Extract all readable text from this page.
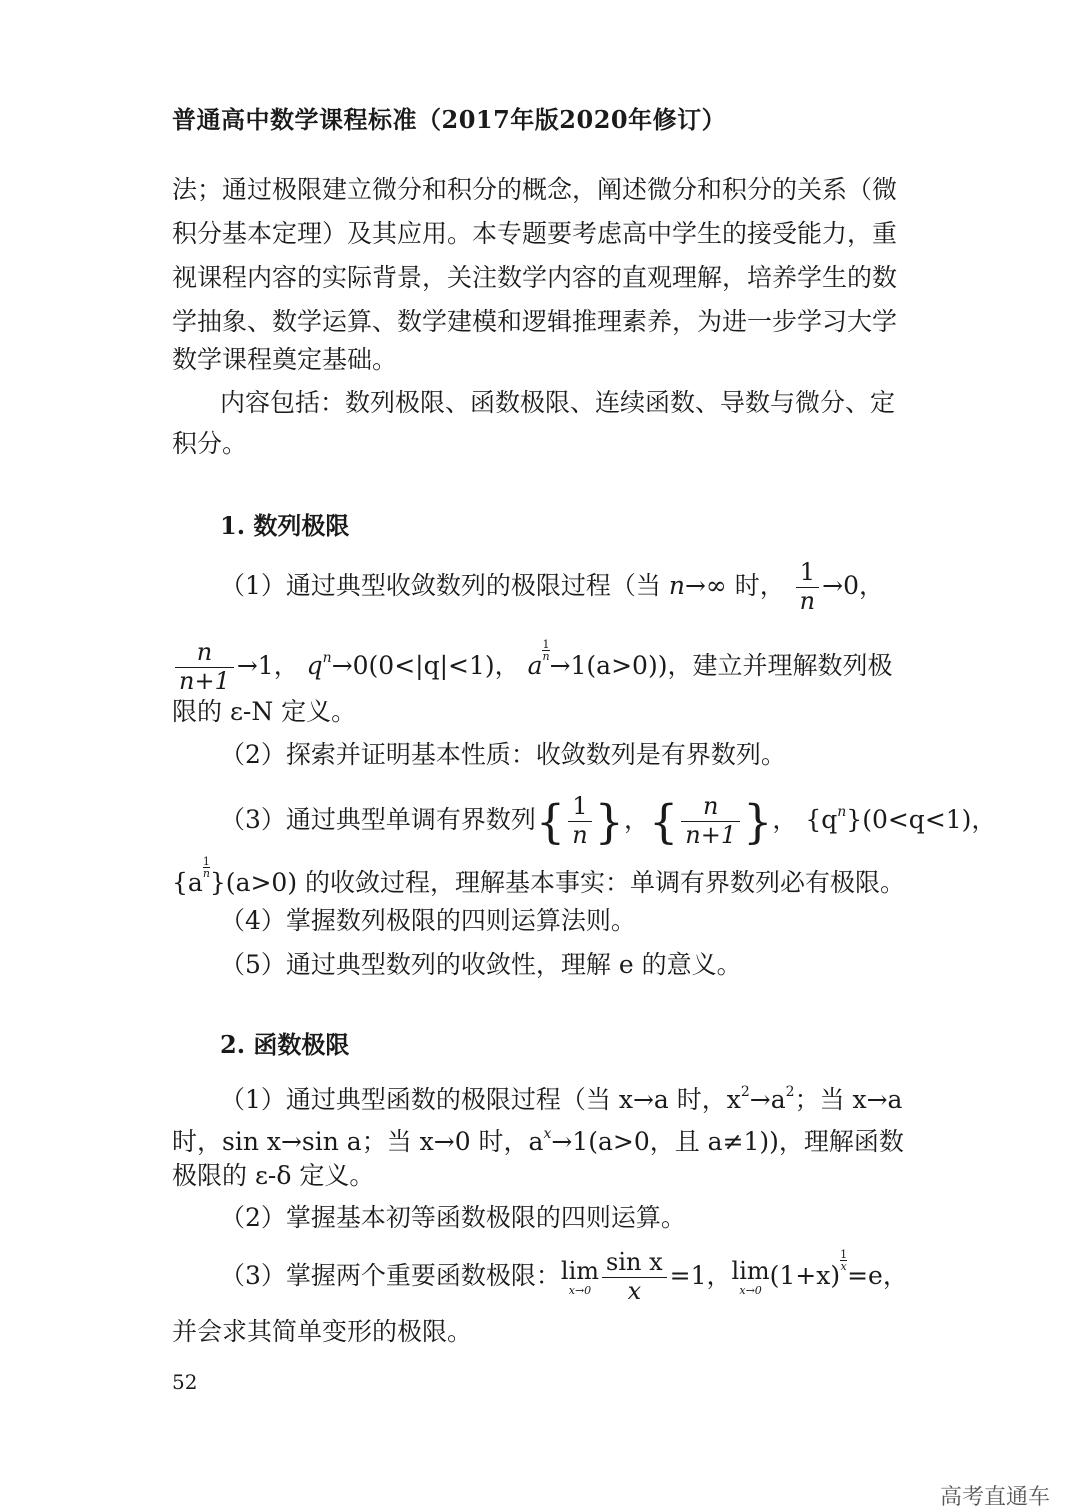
普通高中数学课程标准（2017年版2020年修订）
法；通过极限建立微分和积分的概念，阐述微分和积分的关系（微
积分基本定理）及其应用。本专题要考虑高中学生的接受能力，重
视课程内容的实际背景，关注数学内容的直观理解，培养学生的数
学抽象、数学运算、数学建模和逻辑推理素养，为进一步学习大学
数学课程奠定基础。
内容包括：数列极限、函数极限、连续函数、导数与微分、定
积分。
1. 数列极限
（1）通过典型收敛数列的极限过程（当 n→∞ 时， $\frac{1}{n} \to 0$，
$\frac{n}{n+1} \to 1$， $q^n\to 0(0<|q|<1)$， a
$\frac{1}{n}$
→1(a>0))，建立并理解数列极
限的 ε-N 定义。
（2）探索并证明基本性质：收敛数列是有界数列。
（3）通过典型单调有界数列{ $\frac{1}{n}$ }，{ $\frac{n}{n+1}$ }， $\{q^n\}(0<q<1)$，
{a
$\frac{1}{n}$
}(a>0) 的收敛过程，理解基本事实：单调有界数列必有极限。
（4）掌握数列极限的四则运算法则。
（5）通过典型数列的收敛性，理解 e 的意义。
2. 函数极限
（1）通过典型函数的极限过程（当 x→a 时，$x^2\to a^2$；当 x→a
时，sin x→sin a；当 x→0 时，$a^x\to 1(a>0$，且 a≠1))，理解函数
极限的 ε-δ 定义。
（2）掌握基本初等函数极限的四则运算。
（3）掌握两个重要函数极限： lim
$x\to 0 \frac{\text{sin x}}{x} =1$， lim
x→0
(1+x)
$\frac{1}{x}$
=e，
并会求其简单变形的极限。
52
高考直通车
